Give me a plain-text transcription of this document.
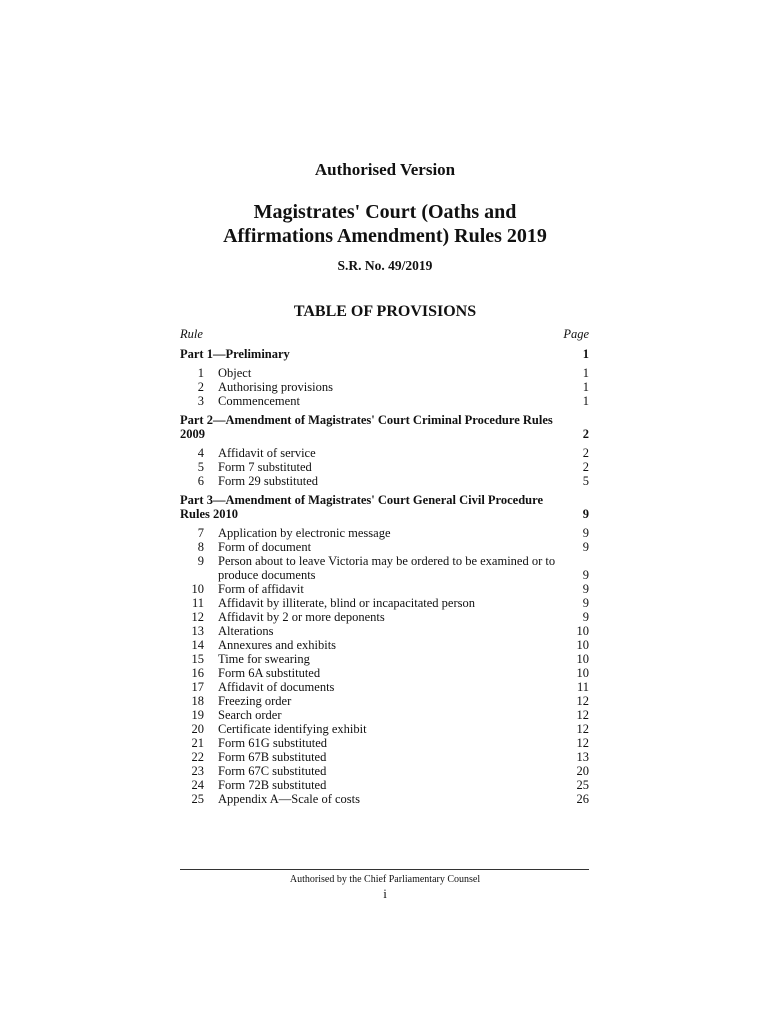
Authorised Version
Magistrates' Court (Oaths and Affirmations Amendment) Rules 2019
S.R. No. 49/2019
TABLE OF PROVISIONS
Rule	Page
Part 1—Preliminary	1
1 Object	1
2 Authorising provisions	1
3 Commencement	1
Part 2—Amendment of Magistrates' Court Criminal Procedure Rules 2009	2
4 Affidavit of service	2
5 Form 7 substituted	2
6 Form 29 substituted	5
Part 3—Amendment of Magistrates' Court General Civil Procedure Rules 2010	9
7 Application by electronic message	9
8 Form of document	9
9 Person about to leave Victoria may be ordered to be examined or to produce documents	9
10 Form of affidavit	9
11 Affidavit by illiterate, blind or incapacitated person	9
12 Affidavit by 2 or more deponents	9
13 Alterations	10
14 Annexures and exhibits	10
15 Time for swearing	10
16 Form 6A substituted	10
17 Affidavit of documents	11
18 Freezing order	12
19 Search order	12
20 Certificate identifying exhibit	12
21 Form 61G substituted	12
22 Form 67B substituted	13
23 Form 67C substituted	20
24 Form 72B substituted	25
25 Appendix A—Scale of costs	26
Authorised by the Chief Parliamentary Counsel
i
